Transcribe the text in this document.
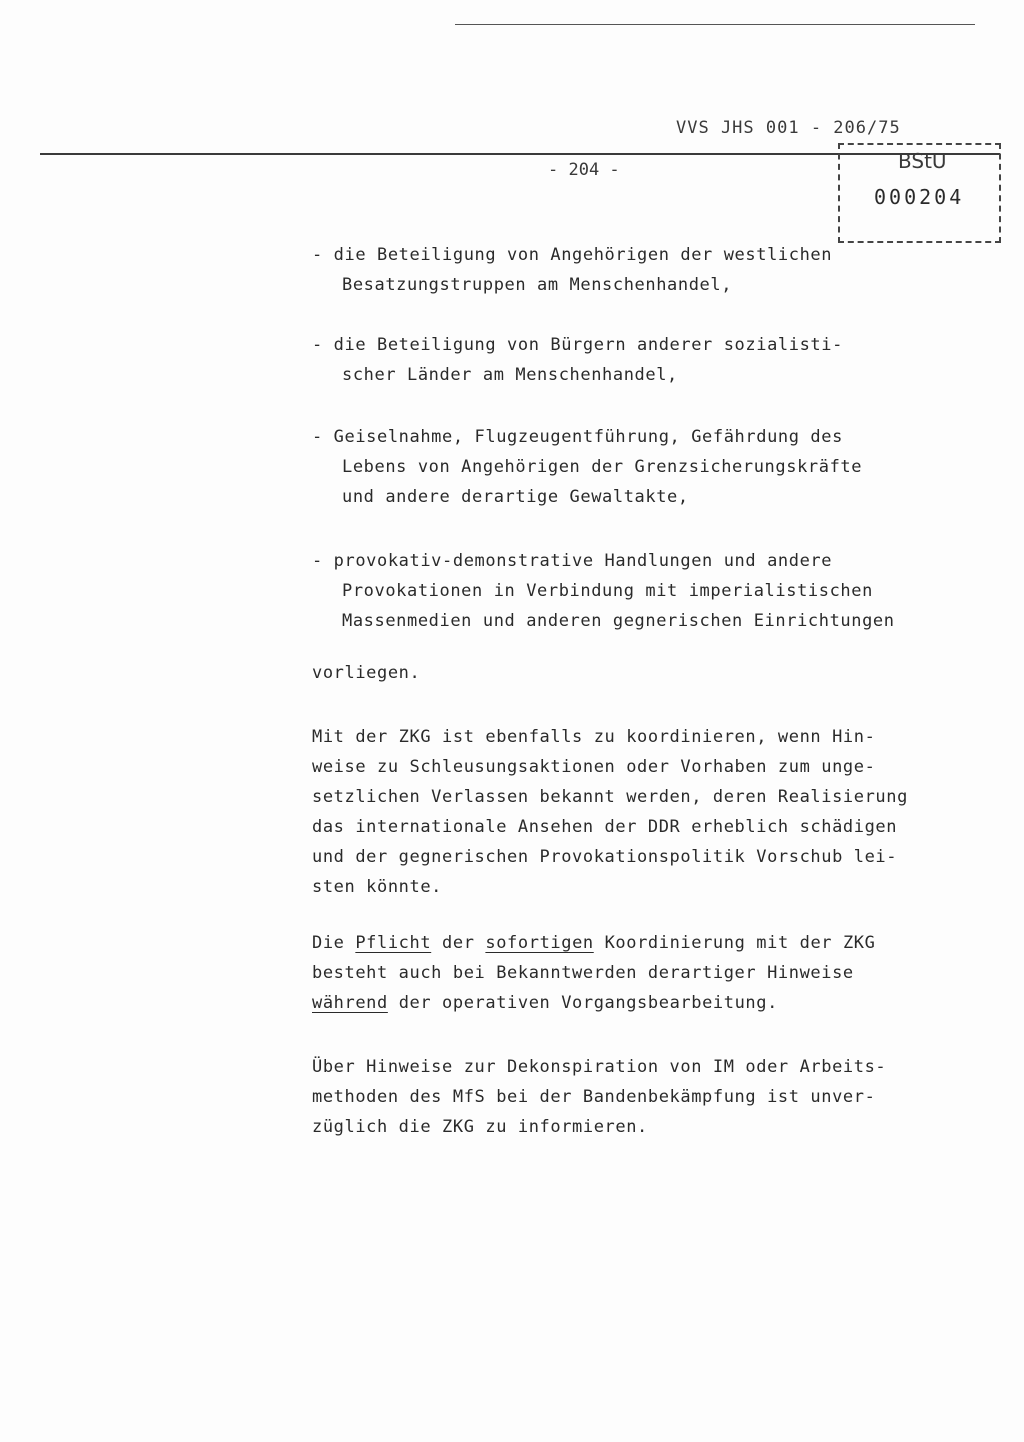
VVS JHS 001 - 206/75
- 204 -	BStU
000204
- die Beteiligung von Angehörigen der westlichen
Besatzungstruppen am Menschenhandel,
- die Beteiligung von Bürgern anderer sozialisti-
scher Länder am Menschenhandel,
- Geiselnahme, Flugzeugentführung, Gefährdung des
Lebens von Angehörigen der Grenzsicherungskräfte
und andere derartige Gewaltakte,
- provokativ-demonstrative Handlungen und andere
Provokationen in Verbindung mit imperialistischen
Massenmedien und anderen gegnerischen Einrichtungen
vorliegen.
Mit der ZKG ist ebenfalls zu koordinieren, wenn Hin-
weise zu Schleusungsaktionen oder Vorhaben zum unge-
setzlichen Verlassen bekannt werden, deren Realisierung
das internationale Ansehen der DDR erheblich schädigen
und der gegnerischen Provokationspolitik Vorschub lei-
sten könnte.
Die Pflicht der sofortigen Koordinierung mit der ZKG
besteht auch bei Bekanntwerden derartiger Hinweise
während der operativen Vorgangsbearbeitung.
Über Hinweise zur Dekonspiration von IM oder Arbeits-
methoden des MfS bei der Bandenbekämpfung ist unver-
züglich die ZKG zu informieren.
